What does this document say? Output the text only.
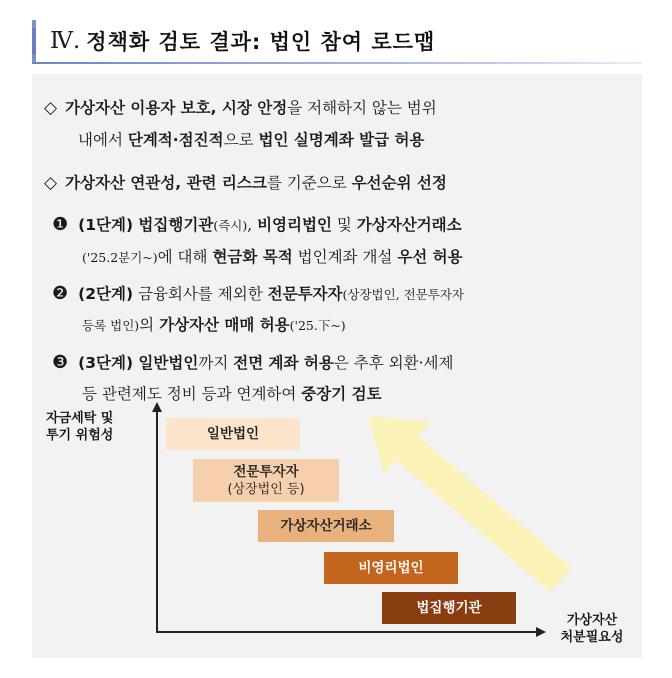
Ⅳ. 정책화 검토 결과: 법인 참여 로드맵
◇ 가상자산 이용자 보호, 시장 안정을 저해하지 않는 범위
내에서 단계적·점진적으로 법인 실명계좌 발급 허용
◇ 가상자산 연관성, 관련 리스크를 기준으로 우선순위 선정
❶ (1단계) 법집행기관(즉시), 비영리법인 및 가상자산거래소
('25.2분기~)에 대해 현금화 목적 법인계좌 개설 우선 허용
❷ (2단계) 금융회사를 제외한 전문투자자(상장법인, 전문투자자
등록 법인)의 가상자산 매매 허용('25.下~)
❸ (3단계) 일반법인까지 전면 계좌 허용은 추후 외환·세제
등 관련제도 정비 등과 연계하여 중장기 검토
자금세탁 및
투기 위험성
가상자산
처분필요성
일반법인
전문투자자
(상장법인 등)
가상자산거래소
비영리법인
법집행기관
